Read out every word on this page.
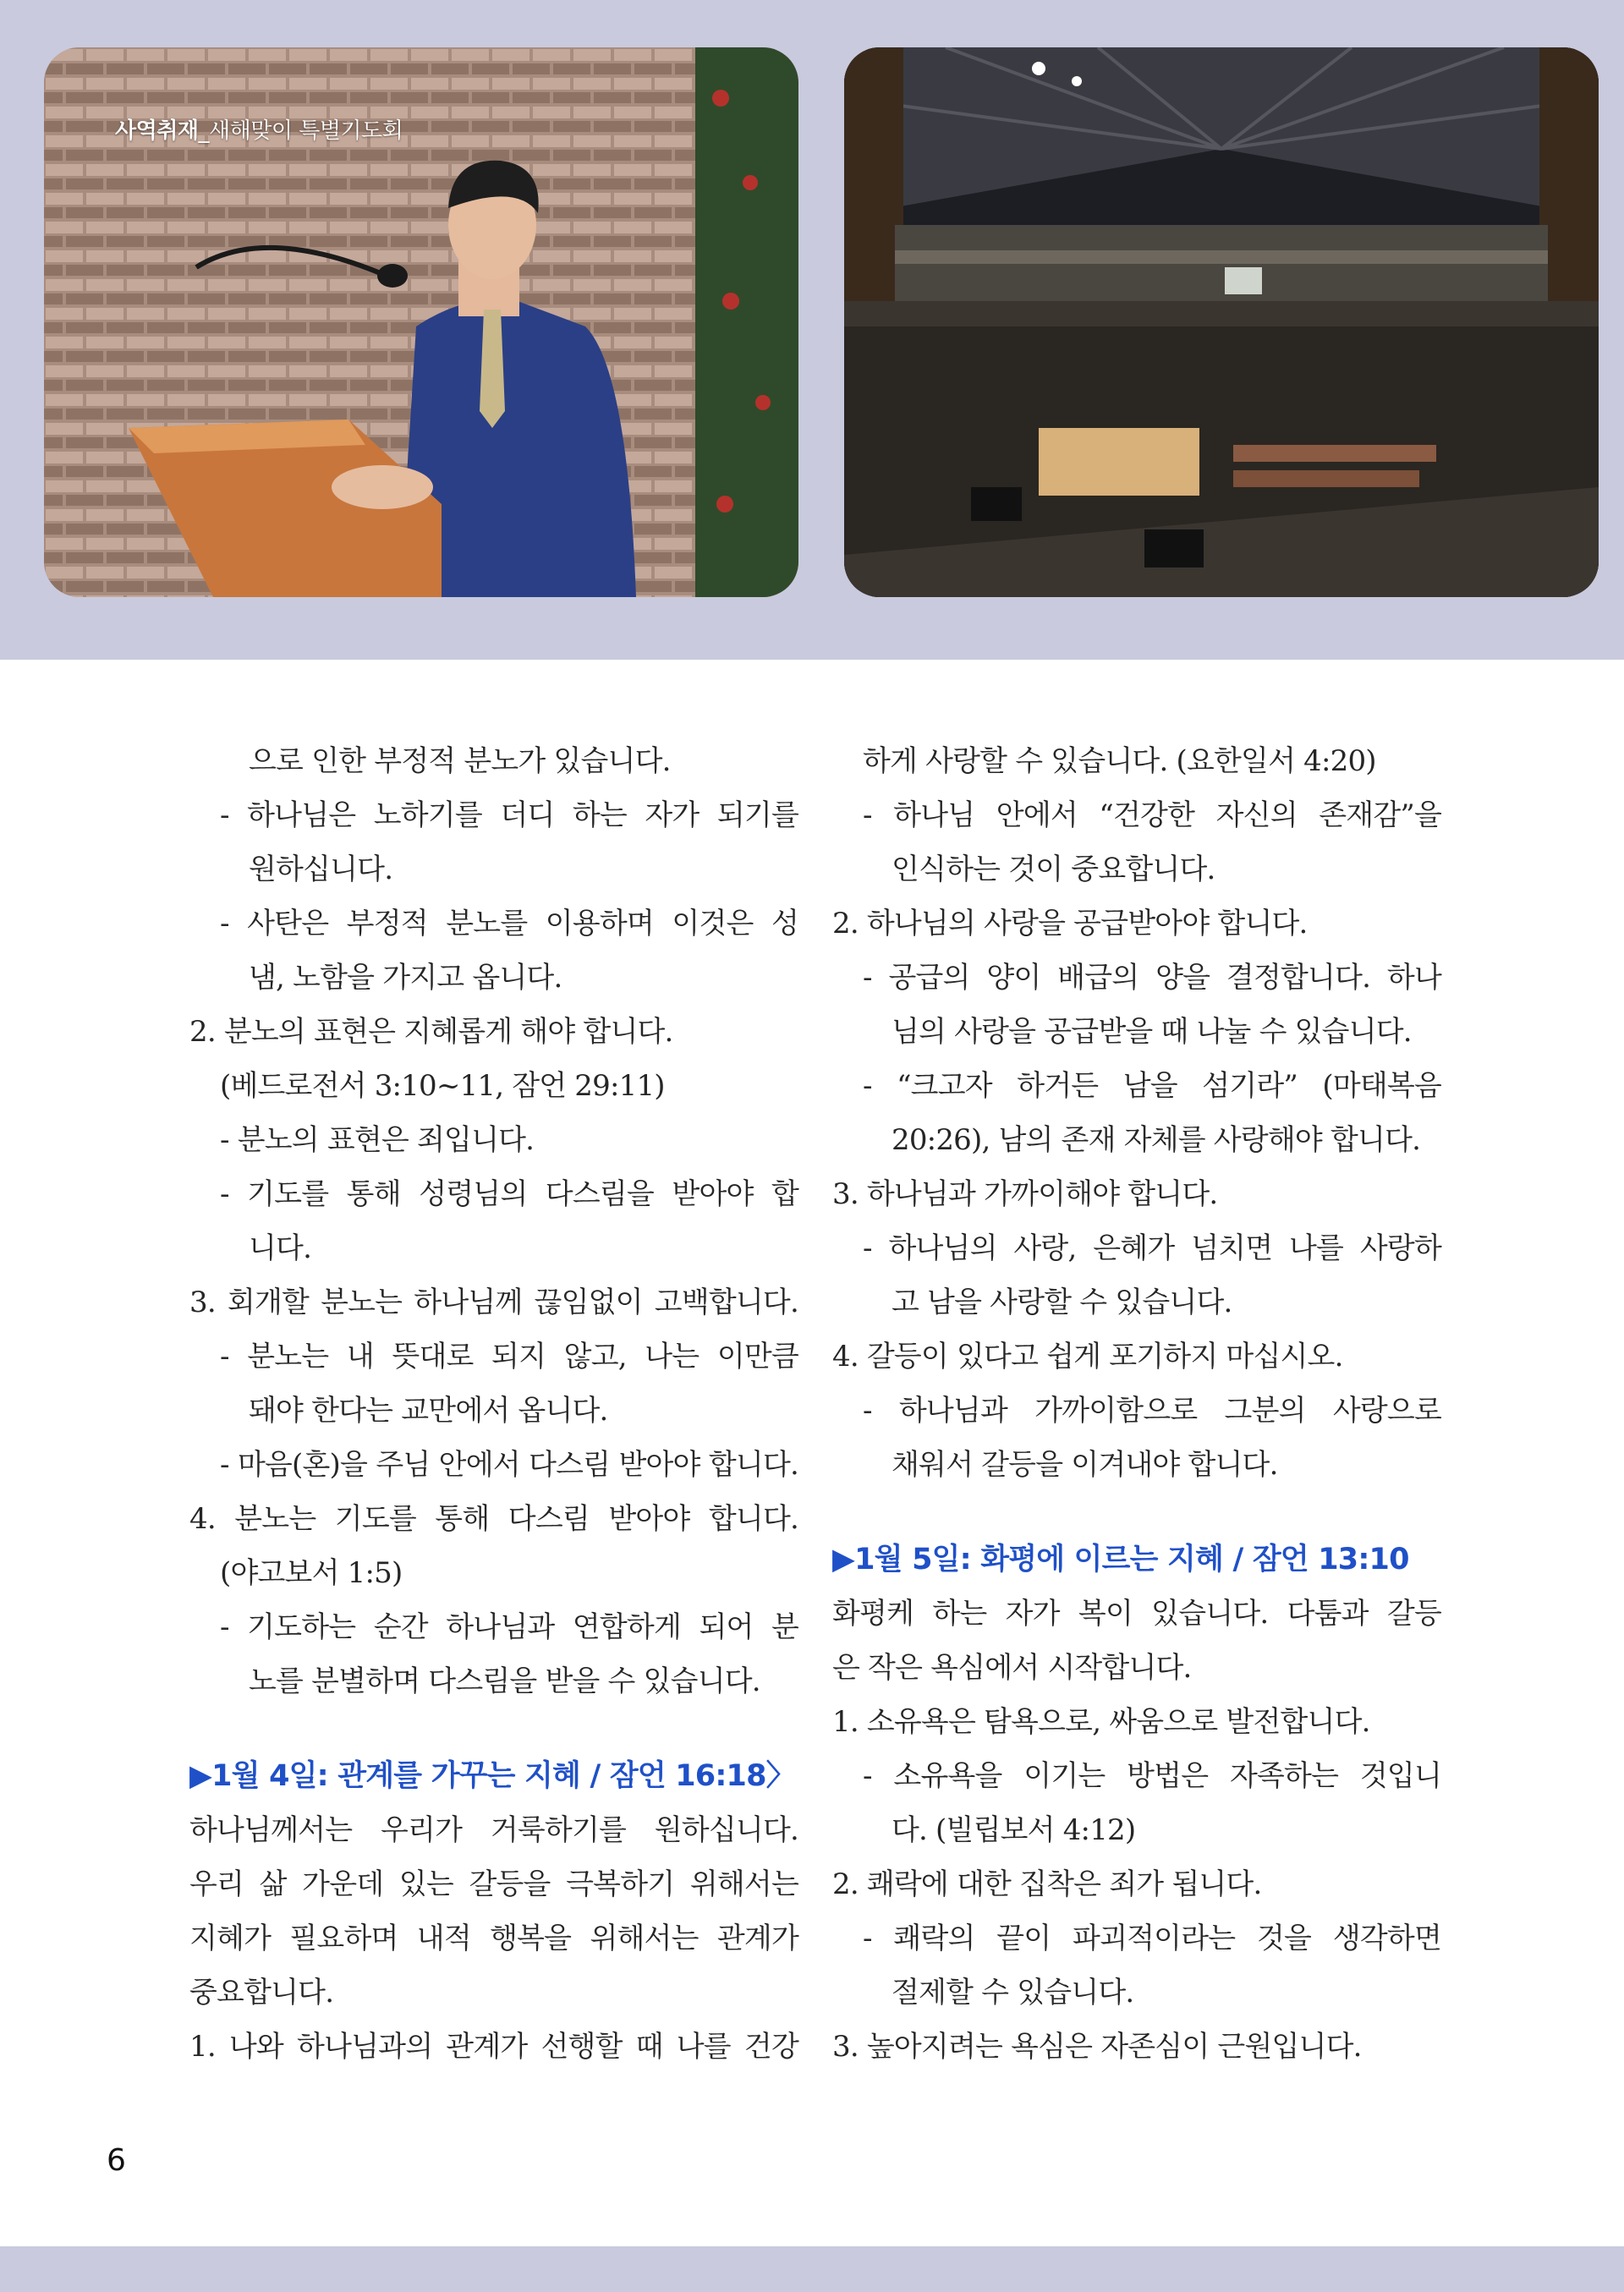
사역취재_새해맞이 특별기도회
으로 인한 부정적 분노가 있습니다.
- 하나님은 노하기를 더디 하는 자가 되기를
원하십니다.
- 사탄은 부정적 분노를 이용하며 이것은 성
냄, 노함을 가지고 옵니다.
2. 분노의 표현은 지혜롭게 해야 합니다.
(베드로전서 3:10~11, 잠언 29:11)
- 분노의 표현은 죄입니다.
- 기도를 통해 성령님의 다스림을 받아야 합
니다.
3. 회개할 분노는 하나님께 끊임없이 고백합니다.
- 분노는 내 뜻대로 되지 않고, 나는 이만큼
돼야 한다는 교만에서 옵니다.
- 마음(혼)을 주님 안에서 다스림 받아야 합니다.
4. 분노는 기도를 통해 다스림 받아야 합니다.
(야고보서 1:5)
- 기도하는 순간 하나님과 연합하게 되어 분
노를 분별하며 다스림을 받을 수 있습니다.
▶1월 4일: 관계를 가꾸는 지혜 / 잠언 16:18〉
하나님께서는 우리가 거룩하기를 원하십니다.
우리 삶 가운데 있는 갈등을 극복하기 위해서는
지혜가 필요하며 내적 행복을 위해서는 관계가
중요합니다.
1. 나와 하나님과의 관계가 선행할 때 나를 건강
하게 사랑할 수 있습니다. (요한일서 4:20)
- 하나님 안에서 “건강한 자신의 존재감”을
인식하는 것이 중요합니다.
2. 하나님의 사랑을 공급받아야 합니다.
- 공급의 양이 배급의 양을 결정합니다. 하나
님의 사랑을 공급받을 때 나눌 수 있습니다.
- “크고자 하거든 남을 섬기라” (마태복음
20:26), 남의 존재 자체를 사랑해야 합니다.
3. 하나님과 가까이해야 합니다.
- 하나님의 사랑, 은혜가 넘치면 나를 사랑하
고 남을 사랑할 수 있습니다.
4. 갈등이 있다고 쉽게 포기하지 마십시오.
- 하나님과 가까이함으로 그분의 사랑으로
채워서 갈등을 이겨내야 합니다.
▶1월 5일: 화평에 이르는 지혜 / 잠언 13:10
화평케 하는 자가 복이 있습니다. 다툼과 갈등
은 작은 욕심에서 시작합니다.
1. 소유욕은 탐욕으로, 싸움으로 발전합니다.
- 소유욕을 이기는 방법은 자족하는 것입니
다. (빌립보서 4:12)
2. 쾌락에 대한 집착은 죄가 됩니다.
- 쾌락의 끝이 파괴적이라는 것을 생각하면
절제할 수 있습니다.
3. 높아지려는 욕심은 자존심이 근원입니다.
6
